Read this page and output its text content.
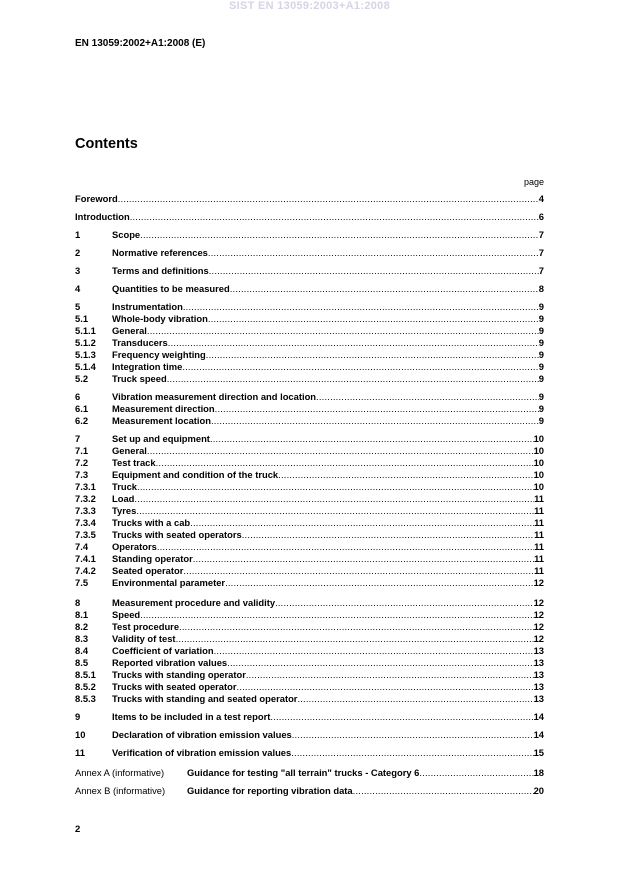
SIST EN 13059:2003+A1:2008
EN 13059:2002+A1:2008 (E)
Contents
page
Foreword .....	4
Introduction .....	6
1	Scope .....	7
2	Normative references .....	7
3	Terms and definitions .....	7
4	Quantities to be measured .....	8
5	Instrumentation .....	9
5.1	Whole-body vibration .....	9
5.1.1	General .....	9
5.1.2	Transducers .....	9
5.1.3	Frequency weighting .....	9
5.1.4	Integration time .....	9
5.2	Truck speed .....	9
6	Vibration measurement direction and location .....	9
6.1	Measurement direction .....	9
6.2	Measurement location .....	9
7	Set up and equipment .....	10
7.1	General .....	10
7.2	Test track .....	10
7.3	Equipment and condition of the truck .....	10
7.3.1	Truck .....	10
7.3.2	Load .....	11
7.3.3	Tyres .....	11
7.3.4	Trucks with a cab .....	11
7.3.5	Trucks with seated operators .....	11
7.4	Operators .....	11
7.4.1	Standing operator .....	11
7.4.2	Seated operator .....	11
7.5	Environmental parameter .....	12
8	Measurement procedure and validity .....	12
8.1	Speed .....	12
8.2	Test procedure .....	12
8.3	Validity of test .....	12
8.4	Coefficient of variation .....	13
8.5	Reported vibration values .....	13
8.5.1	Trucks with standing operator .....	13
8.5.2	Trucks with seated operator .....	13
8.5.3	Trucks with standing and seated operator .....	13
9	Items to be included in a test report .....	14
10	Declaration of vibration emission values .....	14
11	Verification of vibration emission values .....	15
Annex A (informative)	Guidance for testing "all terrain" trucks - Category 6 .....	18
Annex B (informative)	Guidance for reporting vibration data .....	20
2
